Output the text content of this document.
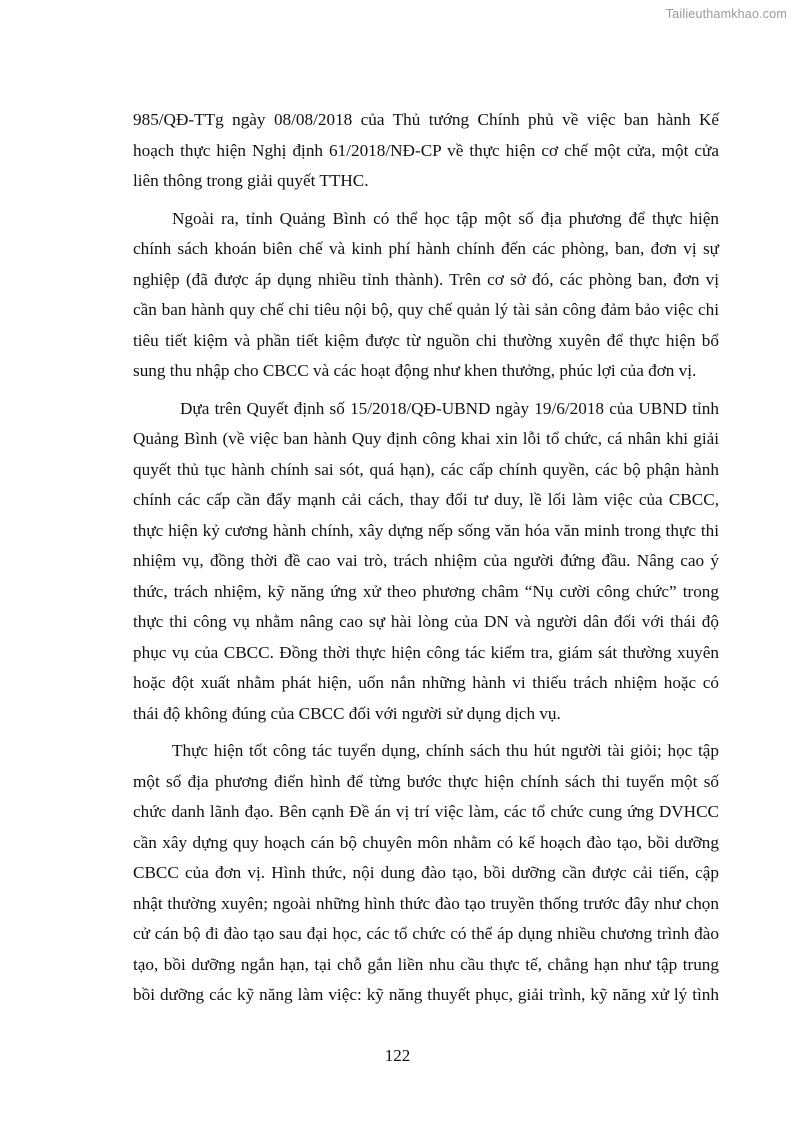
Tailieuthamkhao.com
985/QĐ-TTg ngày 08/08/2018 của Thủ tướng Chính phủ về việc ban hành Kế
hoạch thực hiện Nghị định 61/2018/NĐ-CP về thực hiện cơ chế một cửa, một cửa
liên thông trong giải quyết TTHC.
Ngoài ra, tỉnh Quảng Bình có thể học tập một số địa phương để thực hiện
chính sách khoán biên chế và kinh phí hành chính đến các phòng, ban, đơn vị sự
nghiệp (đã được áp dụng nhiều tỉnh thành). Trên cơ sở đó, các phòng ban, đơn vị
cần ban hành quy chế chi tiêu nội bộ, quy chế quản lý tài sản công đảm bảo việc chi
tiêu tiết kiệm và phần tiết kiệm được từ nguồn chi thường xuyên để thực hiện bổ
sung thu nhập cho CBCC và các hoạt động như khen thưởng, phúc lợi của đơn vị.
Dựa trên Quyết định số 15/2018/QĐ-UBND ngày 19/6/2018 của UBND tỉnh
Quảng Bình (về việc ban hành Quy định công khai xin lỗi tổ chức, cá nhân khi giải
quyết thủ tục hành chính sai sót, quá hạn), các cấp chính quyền, các bộ phận hành
chính các cấp cần đẩy mạnh cải cách, thay đổi tư duy, lề lối làm việc của CBCC,
thực hiện kỷ cương hành chính, xây dựng nếp sống văn hóa văn minh trong thực thi
nhiệm vụ, đồng thời đề cao vai trò, trách nhiệm của người đứng đầu. Nâng cao ý
thức, trách nhiệm, kỹ năng ứng xử theo phương châm “Nụ cười công chức” trong
thực thi công vụ nhằm nâng cao sự hài lòng của DN và người dân đối với thái độ
phục vụ của CBCC. Đồng thời thực hiện công tác kiểm tra, giám sát thường xuyên
hoặc đột xuất nhằm phát hiện, uốn nắn những hành vi thiếu trách nhiệm hoặc có
thái độ không đúng của CBCC đối với người sử dụng dịch vụ.
Thực hiện tốt công tác tuyển dụng, chính sách thu hút người tài giỏi; học tập
một số địa phương điển hình để từng bước thực hiện chính sách thi tuyển một số
chức danh lãnh đạo. Bên cạnh Đề án vị trí việc làm, các tổ chức cung ứng DVHCC
cần xây dựng quy hoạch cán bộ chuyên môn nhằm có kế hoạch đào tạo, bồi dưỡng
CBCC của đơn vị. Hình thức, nội dung đào tạo, bồi dưỡng cần được cải tiến, cập
nhật thường xuyên; ngoài những hình thức đào tạo truyền thống trước đây như chọn
cử cán bộ đi đào tạo sau đại học, các tổ chức có thể áp dụng nhiều chương trình đào
tạo, bồi dưỡng ngắn hạn, tại chỗ gắn liền nhu cầu thực tế, chẳng hạn như tập trung
bồi dưỡng các kỹ năng làm việc: kỹ năng thuyết phục, giải trình, kỹ năng xử lý tình
122
